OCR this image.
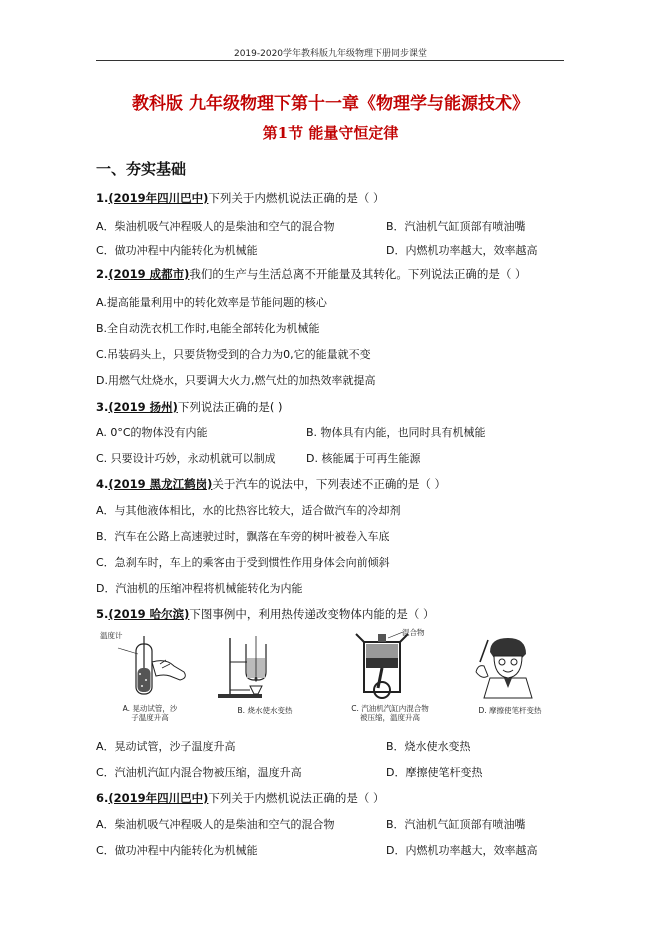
2019-2020学年教科版九年级物理下册同步课堂
教科版 九年级物理下第十一章《物理学与能源技术》
第1节 能量守恒定律
一、夯实基础
1.(2019年四川巴中)下列关于内燃机说法正确的是（ ）
A．柴油机吸气冲程吸人的是柴油和空气的混合物	B．汽油机气缸顶部有喷油嘴
C．做功冲程中内能转化为机械能	D．内燃机功率越大，效率越高
2.(2019 成都市)我们的生产与生活总离不开能量及其转化。下列说法正确的是（ ）
A.提高能量利用中的转化效率是节能问题的核心
B.全自动洗衣机工作时,电能全部转化为机械能
C.吊装码头上，只要货物受到的合力为0,它的能量就不变
D.用燃气灶烧水，只要调大火力,燃气灶的加热效率就提高
3.(2019 扬州)下列说法正确的是( )
A. 0°C的物体没有内能	B. 物体具有内能，也同时具有机械能
C. 只要设计巧妙，永动机就可以制成	D. 核能属于可再生能源
4.(2019 黑龙江鹤岗)关于汽车的说法中，下列表述不正确的是（ ）
A．与其他液体相比，水的比热容比较大，适合做汽车的冷却剂
B．汽车在公路上高速驶过时，飘落在车旁的树叶被卷入车底
C．急刹车时，车上的乘客由于受到惯性作用身体会向前倾斜
D．汽油机的压缩冲程将机械能转化为内能
5.(2019 哈尔滨)下图事例中，利用热传递改变物体内能的是（ ）
温度计
A. 晃动试管，沙
子温度升高
B. 烧水使水变热
混合物
C. 汽油机汽缸内混合物
被压缩，温度升高
D. 摩擦使笔杆变热
A．晃动试管，沙子温度升高	B．烧水使水变热
C．汽油机汽缸内混合物被压缩，温度升高	D．摩擦使笔杆变热
6.(2019年四川巴中)下列关于内燃机说法正确的是（ ）
A．柴油机吸气冲程吸人的是柴油和空气的混合物	B．汽油机气缸顶部有喷油嘴
C．做功冲程中内能转化为机械能	D．内燃机功率越大，效率越高
